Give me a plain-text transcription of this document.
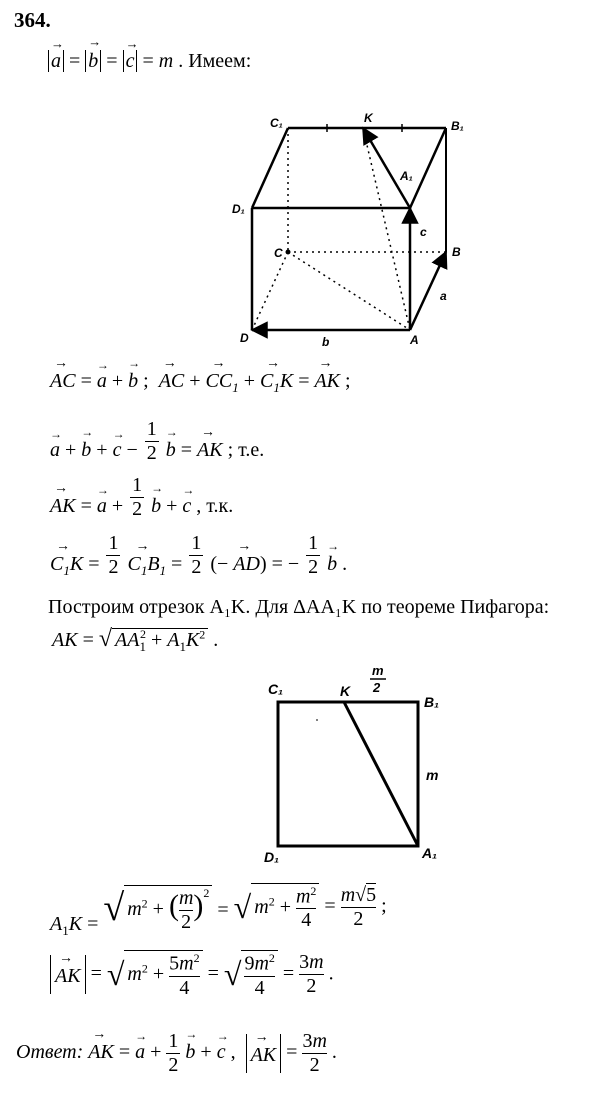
364.
a
→
= b
→
= c
→
= m . Имеем:
C₁	K
B₁
A₁
D₁
C	B
D	A
a
b
c
AC
→
= a
→
+ b
→
;  AC
→
+ $CC_1$
→
+ $C_1K$
→
= AK
→
;
a
→
+ b
→
+ c
→
− $\frac{1}{2}$ b
→
= AK
→
; т.е.
AK
→
= a
→
+ $\frac{1}{2}$ b
→
+ c
→
, т.к.
$C_1K$
→
= $\frac{1}{2} C_1B_1$
→
= $\frac{1}{2}$ (− AD
→
) = − $\frac{1}{2}$ b
→
.
Построим отрезок A₁K. Для ΔAA₁K по теореме Пифагора:
AK = √ $AA_1^2 + A_1K^2$ .
C₁	K
B₁
D₁	A₁
m
2
m
$A_1K$ = √ $m^2$ + ( $\frac{m}{2} )^2$ = √ $m^2 + \frac{m^2}{4} = \frac{m√5}{2}$ ;
AK
→
= √ $m^2 + \frac{5m^2}{4}$ = √ $\frac{9m^2}{4} = \frac{3m}{2}$ .
Ответ: AK
→
= a
→
+ $\frac{1}{2}$ b
→
+ c
→
,  AK
→
= $\frac{3m}{2}$ .
